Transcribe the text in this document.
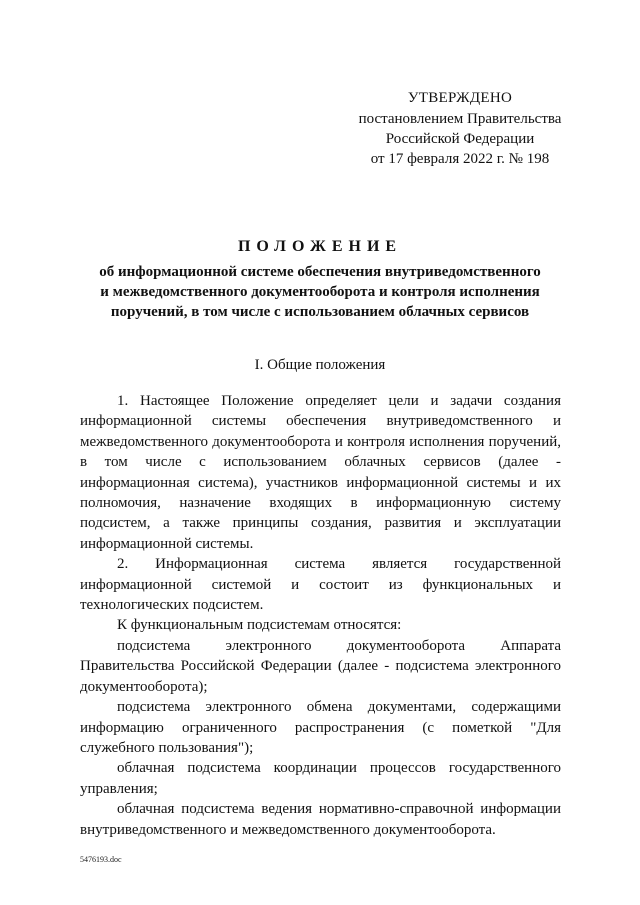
УТВЕРЖДЕНО
постановлением Правительства
Российской Федерации
от 17 февраля 2022 г. № 198
ПОЛОЖЕНИЕ
об информационной системе обеспечения внутриведомственного
и межведомственного документооборота и контроля исполнения
поручений, в том числе с использованием облачных сервисов
I. Общие положения

1. Настоящее Положение определяет цели и задачи создания информационной системы обеспечения внутриведомственного и межведомственного документооборота и контроля исполнения поручений, в том числе с использованием облачных сервисов (далее - информационная система), участников информационной системы и их полномочия, назначение входящих в информационную систему подсистем, а также принципы создания, развития и эксплуатации информационной системы.

2. Информационная система является государственной информационной системой и состоит из функциональных и технологических подсистем.

К функциональным подсистемам относятся:

подсистема электронного документооборота Аппарата Правительства Российской Федерации (далее - подсистема электронного документооборота);

подсистема электронного обмена документами, содержащими информацию ограниченного распространения (с пометкой "Для служебного пользования");

облачная подсистема координации процессов государственного управления;

облачная подсистема ведения нормативно-справочной информации внутриведомственного и межведомственного документооборота.

5476193.doc
